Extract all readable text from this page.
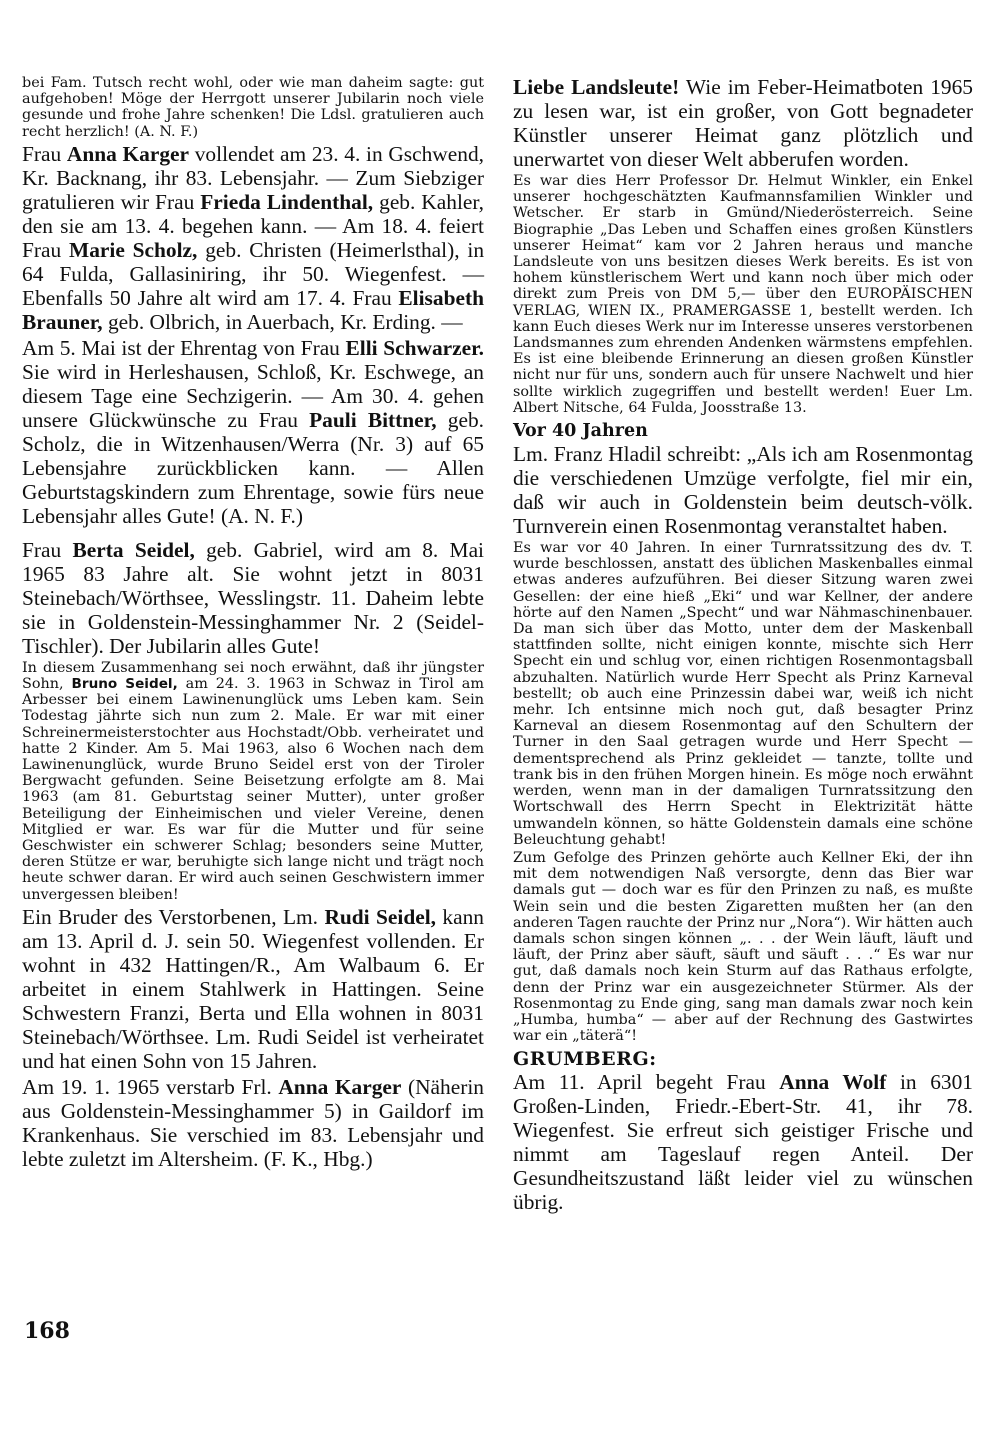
bei Fam. Tutsch recht wohl, oder wie man daheim sagte: gut aufgehoben! Möge der Herrgott unserer Jubilarin noch viele gesunde und frohe Jahre schenken! Die Ldsl. gratulieren auch recht herzlich! (A. N. F.)

Frau Anna Karger vollendet am 23. 4. in Gschwend, Kr. Backnang, ihr 83. Lebensjahr. — Zum Siebziger gratulieren wir Frau Frieda Lindenthal, geb. Kahler, den sie am 13. 4. begehen kann. — Am 18. 4. feiert Frau Marie Scholz, geb. Christen (Heimerlsthal), in 64 Fulda, Gallasiniring, ihr 50. Wiegenfest. — Ebenfalls 50 Jahre alt wird am 17. 4. Frau Elisabeth Brauner, geb. Olbrich, in Auerbach, Kr. Erding. —

Am 5. Mai ist der Ehrentag von Frau Elli Schwarzer. Sie wird in Herleshausen, Schloß, Kr. Eschwege, an diesem Tage eine Sechzigerin. — Am 30. 4. gehen unsere Glückwünsche zu Frau Pauli Bittner, geb. Scholz, die in Witzenhausen/Werra (Nr. 3) auf 65 Lebensjahre zurückblicken kann. — Allen Geburtstagskindern zum Ehrentage, sowie fürs neue Lebensjahr alles Gute! (A. N. F.)

Frau Berta Seidel, geb. Gabriel, wird am 8. Mai 1965 83 Jahre alt. Sie wohnt jetzt in 8031 Steinebach/Wörthsee, Wesslingstr. 11. Daheim lebte sie in Goldenstein-Messinghammer Nr. 2 (Seidel-Tischler). Der Jubilarin alles Gute!

In diesem Zusammenhang sei noch erwähnt, daß ihr jüngster Sohn, Bruno Seidel, am 24. 3. 1963 in Schwaz in Tirol am Arbesser bei einem Lawinenunglück ums Leben kam. Sein Todestag jährte sich nun zum 2. Male. Er war mit einer Schreinermeisterstochter aus Hochstadt/Obb. verheiratet und hatte 2 Kinder. Am 5. Mai 1963, also 6 Wochen nach dem Lawinenunglück, wurde Bruno Seidel erst von der Tiroler Bergwacht gefunden. Seine Beisetzung erfolgte am 8. Mai 1963 (am 81. Geburtstag seiner Mutter), unter großer Beteiligung der Einheimischen und vieler Vereine, denen Mitglied er war. Es war für die Mutter und für seine Geschwister ein schwerer Schlag; besonders seine Mutter, deren Stütze er war, beruhigte sich lange nicht und trägt noch heute schwer daran. Er wird auch seinen Geschwistern immer unvergessen bleiben!

Ein Bruder des Verstorbenen, Lm. Rudi Seidel, kann am 13. April d. J. sein 50. Wiegenfest vollenden. Er wohnt in 432 Hattingen/R., Am Walbaum 6. Er arbeitet in einem Stahlwerk in Hattingen. Seine Schwestern Franzi, Berta und Ella wohnen in 8031 Steinebach/Wörthsee. Lm. Rudi Seidel ist verheiratet und hat einen Sohn von 15 Jahren.

Am 19. 1. 1965 verstarb Frl. Anna Karger (Näherin aus Goldenstein-Messinghammer 5) in Gaildorf im Krankenhaus. Sie verschied im 83. Lebensjahr und lebte zuletzt im Altersheim. (F. K., Hbg.)

Liebe Landsleute! Wie im Feber-Heimatboten 1965 zu lesen war, ist ein großer, von Gott begnadeter Künstler unserer Heimat ganz plötzlich und unerwartet von dieser Welt abberufen worden.

Es war dies Herr Professor Dr. Helmut Winkler, ein Enkel unserer hochgeschätzten Kaufmannsfamilien Winkler und Wetscher. Er starb in Gmünd/Niederösterreich. Seine Biographie „Das Leben und Schaffen eines großen Künstlers unserer Heimat“ kam vor 2 Jahren heraus und manche Landsleute von uns besitzen dieses Werk bereits. Es ist von hohem künstlerischem Wert und kann noch über mich oder direkt zum Preis von DM 5,— über den EUROPÄISCHEN VERLAG, WIEN IX., PRAMERGASSE 1, bestellt werden. Ich kann Euch dieses Werk nur im Interesse unseres verstorbenen Landsmannes zum ehrenden Andenken wärmstens empfehlen. Es ist eine bleibende Erinnerung an diesen großen Künstler nicht nur für uns, sondern auch für unsere Nachwelt und hier sollte wirklich zugegriffen und bestellt werden! Euer Lm. Albert Nitsche, 64 Fulda, Joosstraße 13.

Vor 40 Jahren

Lm. Franz Hladil schreibt: „Als ich am Rosenmontag die verschiedenen Umzüge verfolgte, fiel mir ein, daß wir auch in Goldenstein beim deutsch-völk. Turnverein einen Rosenmontag veranstaltet haben.

Es war vor 40 Jahren. In einer Turnratssitzung des dv. T. wurde beschlossen, anstatt des üblichen Maskenballes einmal etwas anderes aufzuführen. Bei dieser Sitzung waren zwei Gesellen: der eine hieß „Eki“ und war Kellner, der andere hörte auf den Namen „Specht“ und war Nähmaschinenbauer. Da man sich über das Motto, unter dem der Maskenball stattfinden sollte, nicht einigen konnte, mischte sich Herr Specht ein und schlug vor, einen richtigen Rosenmontagsball abzuhalten. Natürlich wurde Herr Specht als Prinz Karneval bestellt; ob auch eine Prinzessin dabei war, weiß ich nicht mehr. Ich entsinne mich noch gut, daß besagter Prinz Karneval an diesem Rosenmontag auf den Schultern der Turner in den Saal getragen wurde und Herr Specht — dementsprechend als Prinz gekleidet — tanzte, tollte und trank bis in den frühen Morgen hinein. Es möge noch erwähnt werden, wenn man in der damaligen Turnratssitzung den Wortschwall des Herrn Specht in Elektrizität hätte umwandeln können, so hätte Goldenstein damals eine schöne Beleuchtung gehabt!

Zum Gefolge des Prinzen gehörte auch Kellner Eki, der ihn mit dem notwendigen Naß versorgte, denn das Bier war damals gut — doch war es für den Prinzen zu naß, es mußte Wein sein und die besten Zigaretten mußten her (an den anderen Tagen rauchte der Prinz nur „Nora“). Wir hätten auch damals schon singen können „. . . der Wein läuft, läuft und läuft, der Prinz aber säuft, säuft und säuft . . .“ Es war nur gut, daß damals noch kein Sturm auf das Rathaus erfolgte, denn der Prinz war ein ausgezeichneter Stürmer. Als der Rosenmontag zu Ende ging, sang man damals zwar noch kein „Humba, humba“ — aber auf der Rechnung des Gastwirtes war ein „täterä“!

GRUMBERG:

Am 11. April begeht Frau Anna Wolf in 6301 Großen-Linden, Friedr.-Ebert-Str. 41, ihr 78. Wiegenfest. Sie erfreut sich geistiger Frische und nimmt am Tageslauf regen Anteil. Der Gesundheitszustand läßt leider viel zu wünschen übrig.

168
